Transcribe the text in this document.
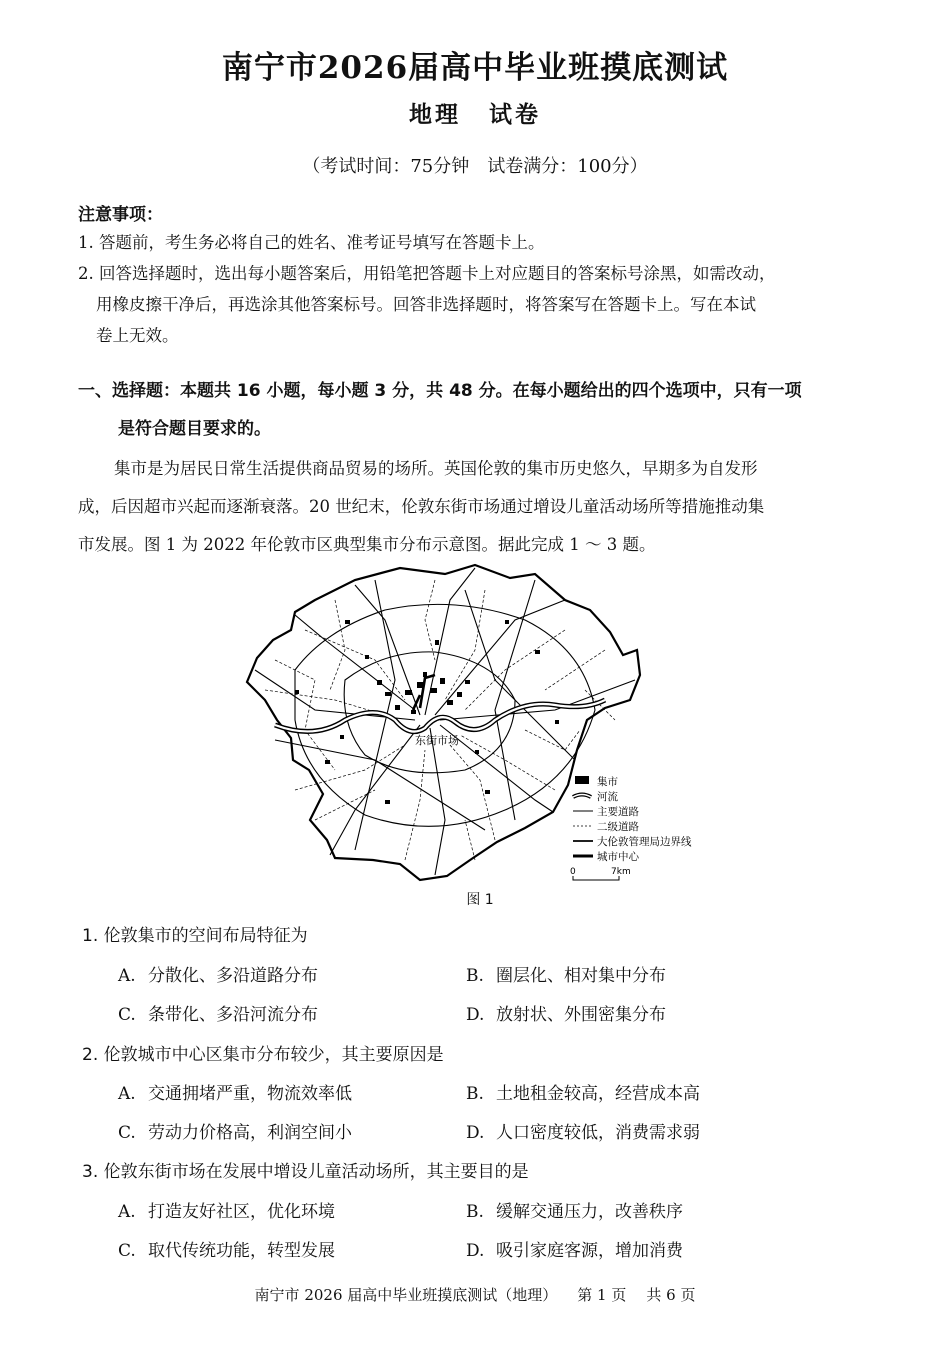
南宁市2026届高中毕业班摸底测试
地理 试卷
（考试时间：75分钟　试卷满分：100分）
注意事项：
1. 答题前，考生务必将自己的姓名、准考证号填写在答题卡上。
2. 回答选择题时，选出每小题答案后，用铅笔把答题卡上对应题目的答案标号涂黑，如需改动，
用橡皮擦干净后，再选涂其他答案标号。回答非选择题时，将答案写在答题卡上。写在本试
卷上无效。
一、选择题：本题共 16 小题，每小题 3 分，共 48 分。在每小题给出的四个选项中，只有一项
是符合题目要求的。
集市是为居民日常生活提供商品贸易的场所。英国伦敦的集市历史悠久，早期多为自发形
成，后因超市兴起而逐渐衰落。20 世纪末，伦敦东街市场通过增设儿童活动场所等措施推动集
市发展。图 1 为 2022 年伦敦市区典型集市分布示意图。据此完成 1 ～ 3 题。
东街市场
集市
河流
主要道路
二级道路
大伦敦管理局边界线
城市中心
0	7km
图 1
1. 伦敦集市的空间布局特征为
A. 分散化、多沿道路分布	B. 圈层化、相对集中分布
C. 条带化、多沿河流分布	D. 放射状、外围密集分布
2. 伦敦城市中心区集市分布较少，其主要原因是
A. 交通拥堵严重，物流效率低	B. 土地租金较高，经营成本高
C. 劳动力价格高，利润空间小	D. 人口密度较低，消费需求弱
3. 伦敦东街市场在发展中增设儿童活动场所，其主要目的是
A. 打造友好社区，优化环境	B. 缓解交通压力，改善秩序
C. 取代传统功能，转型发展	D. 吸引家庭客源，增加消费
南宁市 2026 届高中毕业班摸底测试（地理） 第 1 页 共 6 页
